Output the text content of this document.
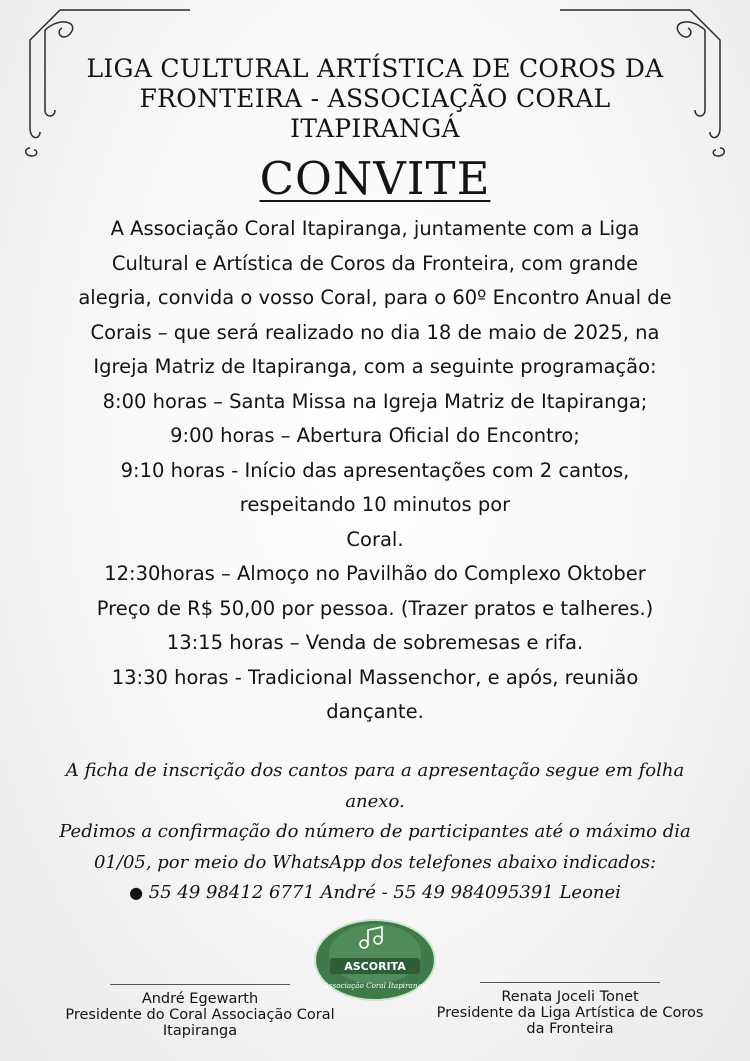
LIGA CULTURAL ARTÍSTICA DE COROS DA
FRONTEIRA - ASSOCIAÇÃO CORAL
ITAPIRANGÁ
CONVITE

A Associação Coral Itapiranga, juntamente com a Liga

Cultural e Artística de Coros da Fronteira, com grande

alegria, convida o vosso Coral, para o 60º Encontro Anual de

Corais – que será realizado no dia 18 de maio de 2025, na

Igreja Matriz de Itapiranga, com a seguinte programação:

8:00 horas – Santa Missa na Igreja Matriz de Itapiranga;

9:00 horas – Abertura Oficial do Encontro;

9:10 horas - Início das apresentações com 2 cantos,

respeitando 10 minutos por

Coral.

12:30horas – Almoço no Pavilhão do Complexo Oktober

Preço de R$ 50,00 por pessoa. (Trazer pratos e talheres.)

13:15 horas – Venda de sobremesas e rifa.

13:30 horas - Tradicional Massenchor, e após, reunião

dançante.

A ficha de inscrição dos cantos para a apresentação segue em folha

anexo.

Pedimos a confirmação do número de participantes até o máximo dia

01/05, por meio do WhatsApp dos telefones abaixo indicados:

● 55 49 98412 6771 André - 55 49 984095391 Leonei

ASCORITA
Associação Coral Itapiranga
André Egewarth
Presidente do Coral Associação Coral
Itapiranga
Renata Joceli Tonet
Presidente da Liga Artística de Coros
da Fronteira
